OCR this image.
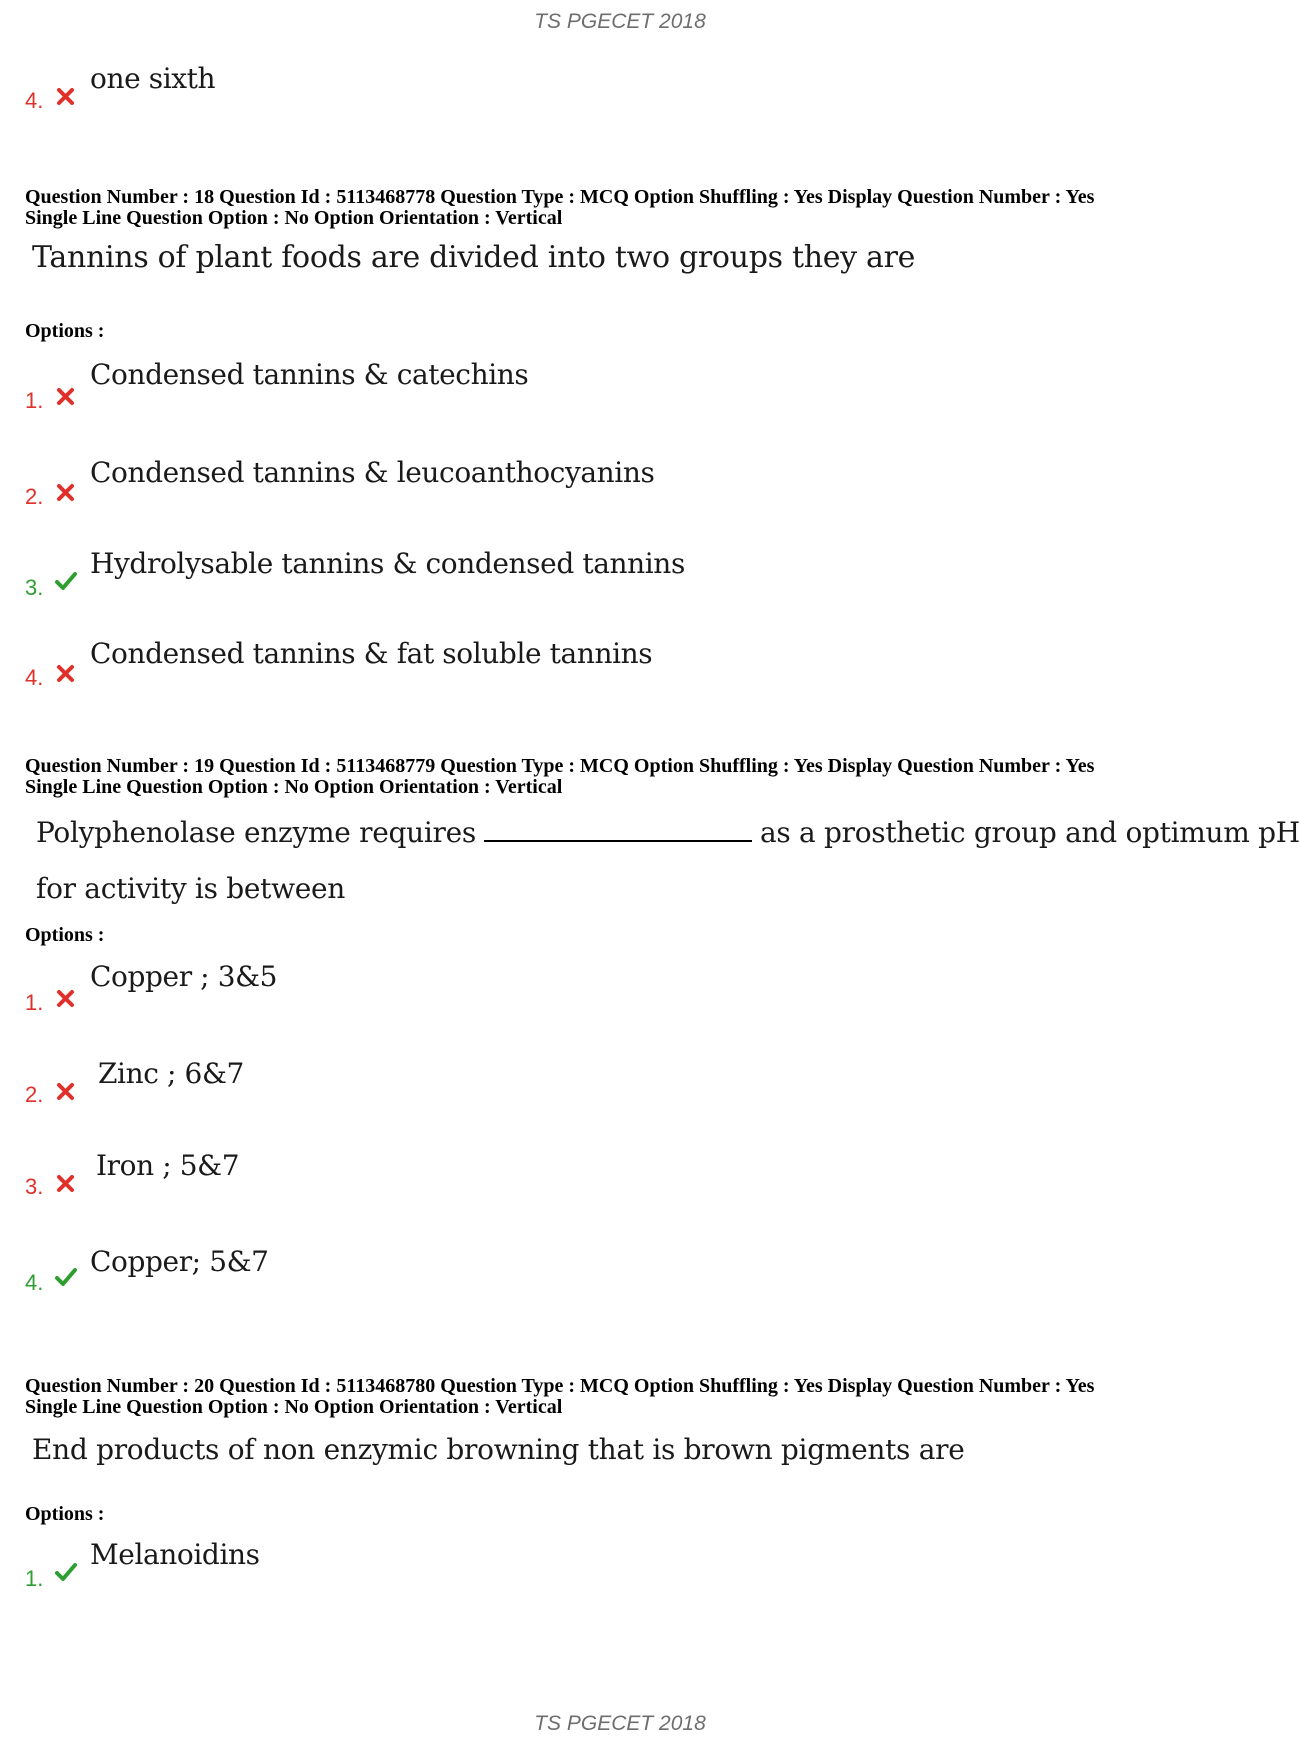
TS PGECET 2018
4.
one sixth
Question Number : 18 Question Id : 5113468778 Question Type : MCQ Option Shuffling : Yes Display Question Number : Yes
Single Line Question Option : No Option Orientation : Vertical
Tannins of plant foods are divided into two groups they are
Options :
1.
Condensed tannins & catechins
2.
Condensed tannins & leucoanthocyanins
3.
Hydrolysable tannins & condensed tannins
4.
Condensed tannins & fat soluble tannins
Question Number : 19 Question Id : 5113468779 Question Type : MCQ Option Shuffling : Yes Display Question Number : Yes
Single Line Question Option : No Option Orientation : Vertical
Polyphenolase enzyme requires	as a prosthetic group and optimum pH
for activity is between
Options :
1.
Copper ; 3&5
2.
Zinc ; 6&7
3.
Iron ; 5&7
4.
Copper; 5&7
Question Number : 20 Question Id : 5113468780 Question Type : MCQ Option Shuffling : Yes Display Question Number : Yes
Single Line Question Option : No Option Orientation : Vertical
End products of non enzymic browning that is brown pigments are
Options :
1.
Melanoidins
TS PGECET 2018
